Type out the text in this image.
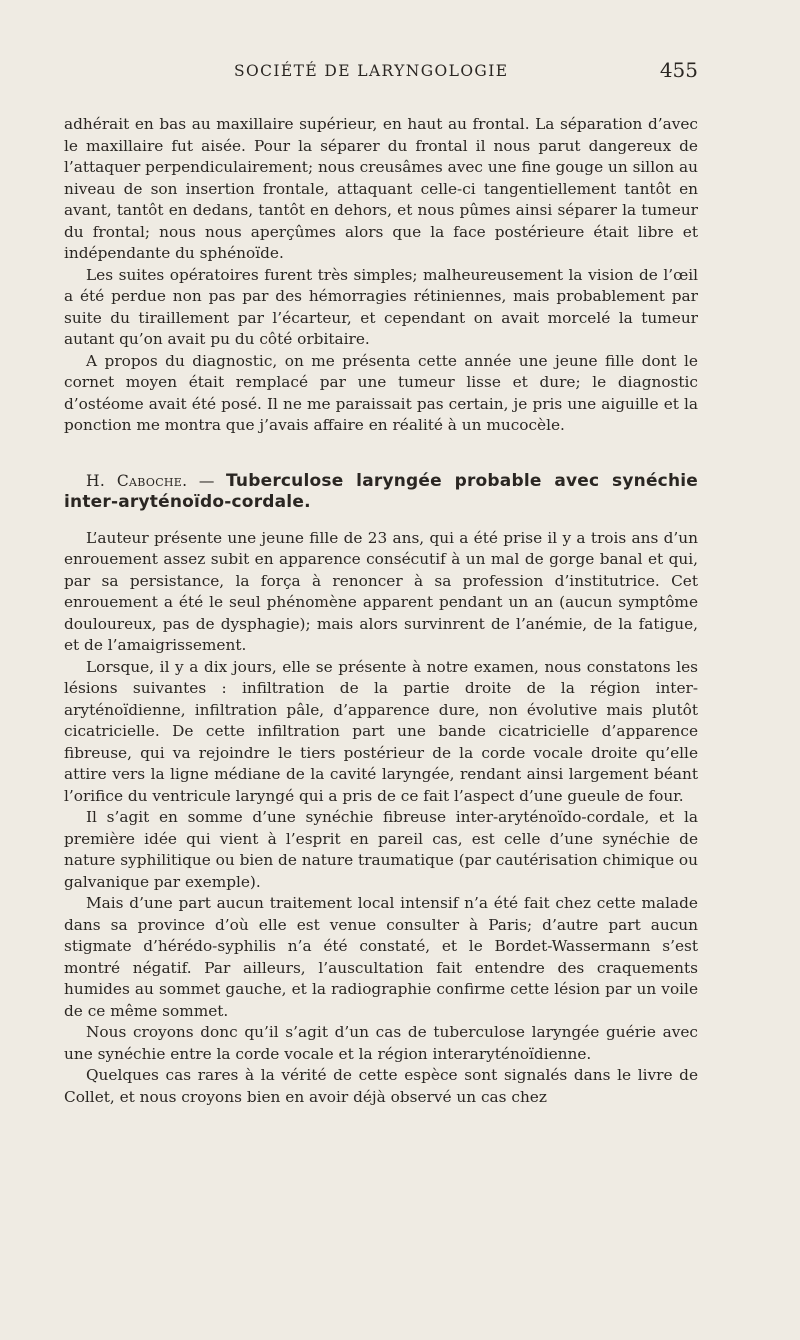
SOCIÉTÉ DE LARYNGOLOGIE	455

adhérait en bas au maxillaire supérieur, en haut au frontal. La séparation d’avec le maxillaire fut aisée. Pour la séparer du frontal il nous parut dangereux de l’attaquer perpendiculairement; nous creusâmes avec une fine gouge un sillon au niveau de son insertion frontale, attaquant celle-ci tangentiellement tantôt en avant, tantôt en dedans, tantôt en dehors, et nous pûmes ainsi séparer la tumeur du frontal; nous nous aperçûmes alors que la face postérieure était libre et indépendante du sphénoïde.

Les suites opératoires furent très simples; malheureusement la vision de l’œil a été perdue non pas par des hémorragies rétiniennes, mais probablement par suite du tiraillement par l’écarteur, et cependant on avait morcelé la tumeur autant qu’on avait pu du côté orbitaire.

A propos du diagnostic, on me présenta cette année une jeune fille dont le cornet moyen était remplacé par une tumeur lisse et dure; le diagnostic d’ostéome avait été posé. Il ne me paraissait pas certain, je pris une aiguille et la ponction me montra que j’avais affaire en réalité à un mucocèle.

H. Caboche. — Tuberculose laryngée probable avec synéchie inter-aryténoïdo-cordale.

L’auteur présente une jeune fille de 23 ans, qui a été prise il y a trois ans d’un enrouement assez subit en apparence consécutif à un mal de gorge banal et qui, par sa persistance, la força à renoncer à sa profession d’institutrice. Cet enrouement a été le seul phénomène apparent pendant un an (aucun symptôme douloureux, pas de dysphagie); mais alors survinrent de l’anémie, de la fatigue, et de l’amaigrissement.

Lorsque, il y a dix jours, elle se présente à notre examen, nous constatons les lésions suivantes : infiltration de la partie droite de la région inter-aryténoïdienne, infiltration pâle, d’apparence dure, non évolutive mais plutôt cicatricielle. De cette infiltration part une bande cicatricielle d’apparence fibreuse, qui va rejoindre le tiers postérieur de la corde vocale droite qu’elle attire vers la ligne médiane de la cavité laryngée, rendant ainsi largement béant l’orifice du ventricule laryngé qui a pris de ce fait l’aspect d’une gueule de four.

Il s’agit en somme d’une synéchie fibreuse inter-aryténoïdo-cordale, et la première idée qui vient à l’esprit en pareil cas, est celle d’une synéchie de nature syphilitique ou bien de nature traumatique (par cautérisation chimique ou galvanique par exemple).

Mais d’une part aucun traitement local intensif n’a été fait chez cette malade dans sa province d’où elle est venue consulter à Paris; d’autre part aucun stigmate d’hérédo-syphilis n’a été constaté, et le Bordet-Wassermann s’est montré négatif. Par ailleurs, l’auscultation fait entendre des craquements humides au sommet gauche, et la radiographie confirme cette lésion par un voile de ce même sommet.

Nous croyons donc qu’il s’agit d’un cas de tuberculose laryngée guérie avec une synéchie entre la corde vocale et la région interaryténoïdienne.

Quelques cas rares à la vérité de cette espèce sont signalés dans le livre de Collet, et nous croyons bien en avoir déjà observé un cas chez
